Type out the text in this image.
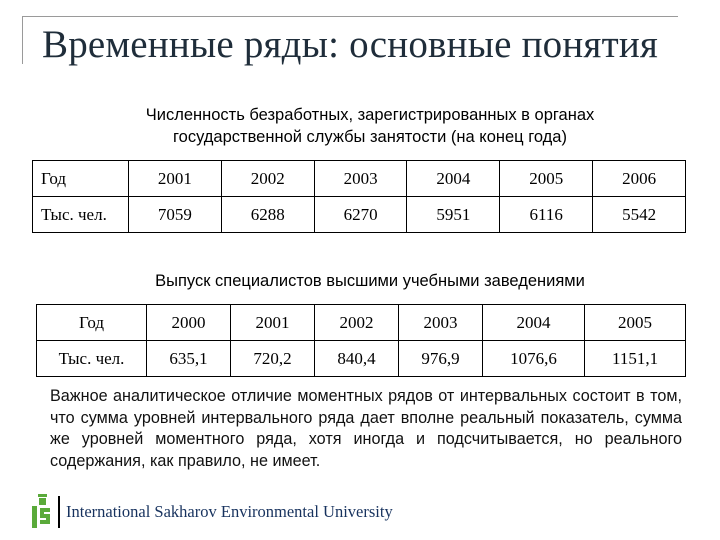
Временные ряды: основные понятия
Численность безработных, зарегистрированных в органах
государственной службы занятости (на конец года)
Год	2001	2002	2003	2004	2005	2006
Тыс. чел.	7059	6288	6270	5951	6116	5542
Выпуск специалистов высшими учебными заведениями
Год	2000	2001	2002	2003	2004	2005
Тыс. чел.	635,1	720,2	840,4	976,9	1076,6	1151,1
Важное аналитическое отличие моментных рядов от интервальных состоит в том, что сумма уровней интервального ряда дает вполне реальный показатель, сумма же уровней моментного ряда, хотя иногда и подсчитывается, но реального содержания, как правило, не имеет.
International Sakharov Environmental University
